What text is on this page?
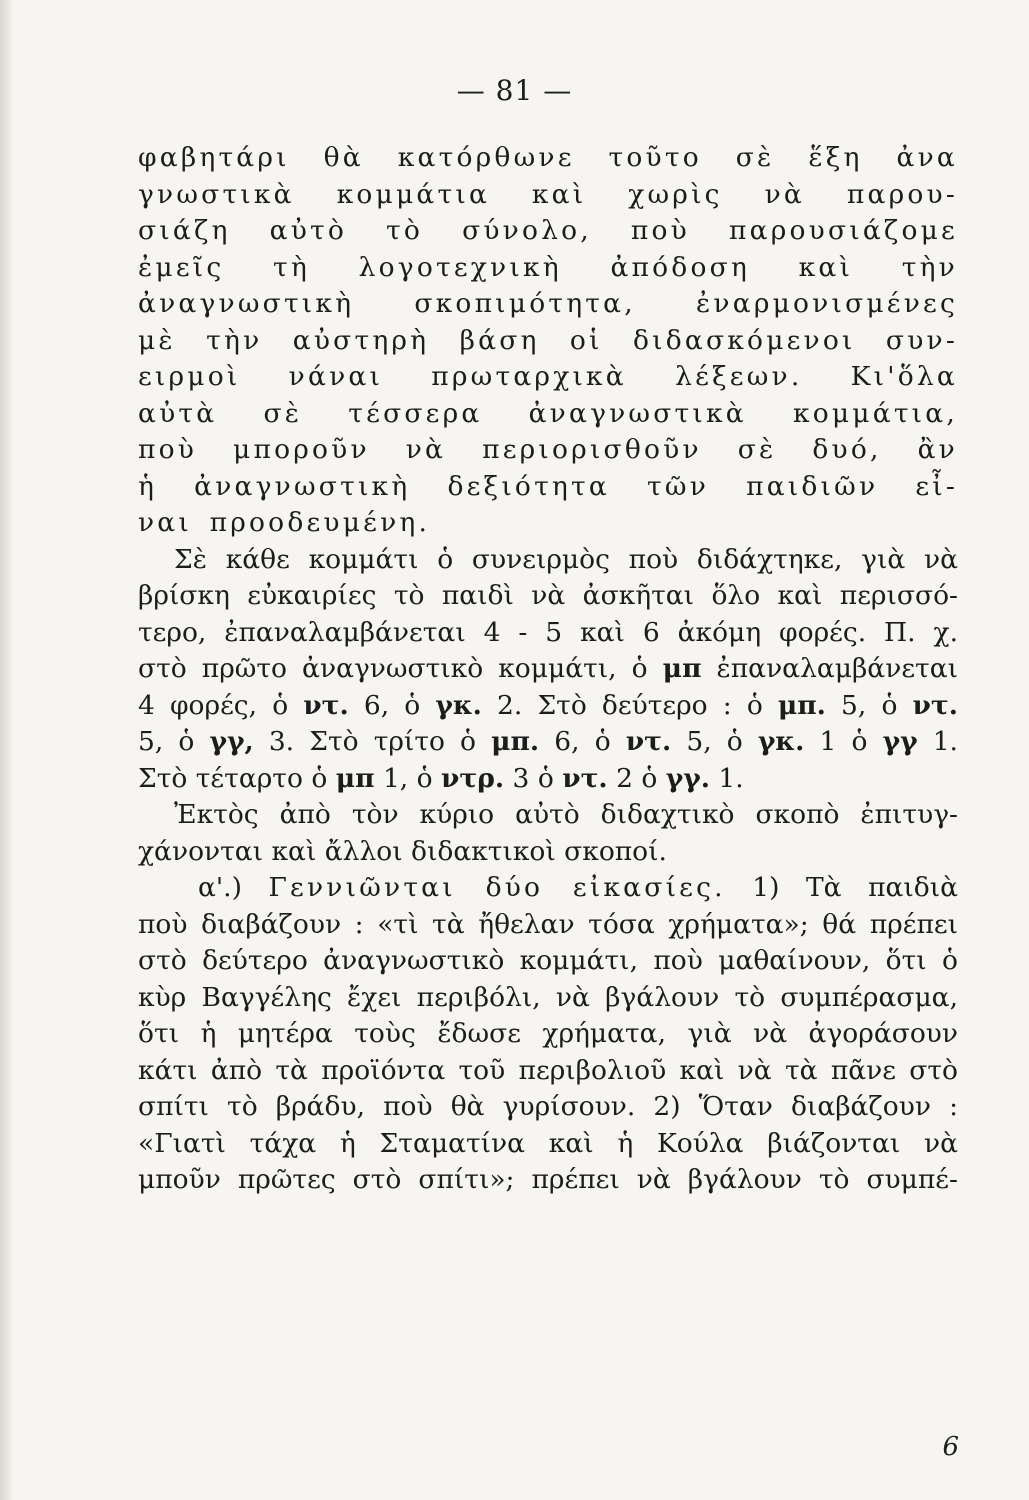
— 81 —
φαβητάρι θὰ κατόρθωνε τοῦτο σὲ ἕξη ἀνα
γνωστικὰ κομμάτια καὶ χωρὶς νὰ παρου-
σιάζη αὐτὸ τὸ σύνολο, ποὺ παρουσιάζομε
ἐμεῖς τὴ λογοτεχνικὴ ἀπόδοση καὶ τὴν
ἀναγνωστικὴ σκοπιμότητα, ἐναρμονισμένες
μὲ τὴν αὐστηρὴ βάση οἱ διδασκόμενοι συν-
ειρμοὶ νάναι πρωταρχικὰ λέξεων. Κι'ὅλα
αὐτὰ σὲ τέσσερα ἀναγνωστικὰ κομμάτια,
ποὺ μποροῦν νὰ περιορισθοῦν σὲ δυό, ἂν
ἡ ἀναγνωστικὴ δεξιότητα τῶν παιδιῶν εἶ-
ναι προοδευμένη.
Σὲ κάθε κομμάτι ὁ συνειρμὸς ποὺ διδάχτηκε, γιὰ νὰ
βρίσκη εὐκαιρίες τὸ παιδὶ νὰ ἀσκῆται ὅλο καὶ περισσό-
τερο, ἐπαναλαμβάνεται 4 - 5 καὶ 6 ἀκόμη φορές. Π. χ.
στὸ πρῶτο ἀναγνωστικὸ κομμάτι, ὁ μπ ἐπαναλαμβάνεται
4 φορές, ὁ ντ. 6, ὁ γκ. 2. Στὸ δεύτερο : ὁ μπ. 5, ὁ ντ.
5, ὁ γγ, 3. Στὸ τρίτο ὁ μπ. 6, ὁ ντ. 5, ὁ γκ. 1 ὁ γγ 1.
Στὸ τέταρτο ὁ μπ 1, ὁ ντρ. 3 ὁ ντ. 2 ὁ γγ. 1.
Ἐκτὸς ἀπὸ τὸν κύριο αὐτὸ διδαχτικὸ σκοπὸ ἐπιτυγ-
χάνονται καὶ ἄλλοι διδακτικοὶ σκοποί.
α'.) Γεννιῶνται δύο εἰκασίες. 1) Τὰ παιδιὰ
ποὺ διαβάζουν : «τὶ τὰ ἤθελαν τόσα χρήματα»; θά πρέπει
στὸ δεύτερο ἀναγνωστικὸ κομμάτι, ποὺ μαθαίνουν, ὅτι ὁ
κὺρ Βαγγέλης ἔχει περιβόλι, νὰ βγάλουν τὸ συμπέρασμα,
ὅτι ἡ μητέρα τοὺς ἔδωσε χρήματα, γιὰ νὰ ἀγοράσουν
κάτι ἀπὸ τὰ προϊόντα τοῦ περιβολιοῦ καὶ νὰ τὰ πᾶνε στὸ
σπίτι τὸ βράδυ, ποὺ θὰ γυρίσουν. 2) Ὅταν διαβάζουν :
«Γιατὶ τάχα ἡ Σταματίνα καὶ ἡ Κούλα βιάζονται νὰ
μποῦν πρῶτες στὸ σπίτι»; πρέπει νὰ βγάλουν τὸ συμπέ-
6
